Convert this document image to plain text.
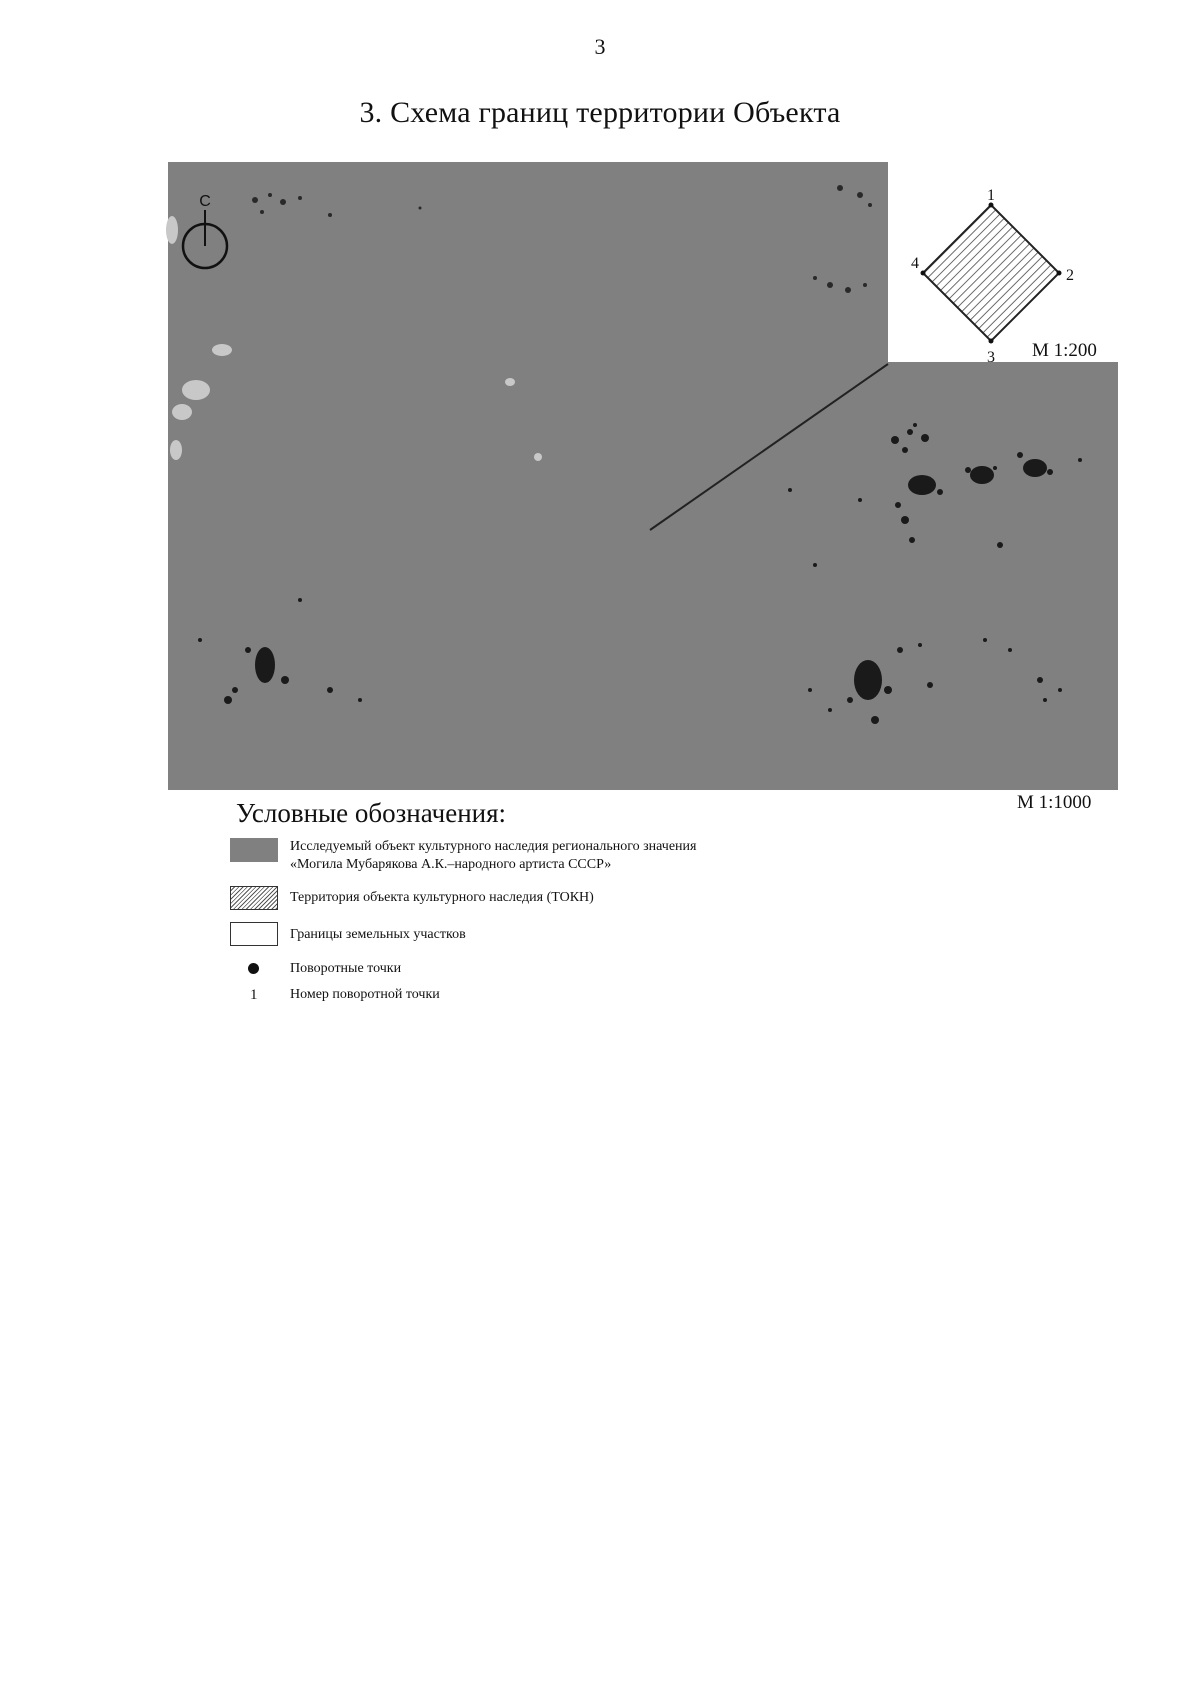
3
3. Схема границ территории Объекта
С	1
2
3
4
М 1:200
М 1:1000
Условные обозначения:
Исследуемый объект культурного наследия регионального значения
«Могила Мубарякова А.К.–народного артиста СССР»
Территория объекта культурного наследия (ТОКН)
Границы земельных участков
Поворотные точки
1 Номер поворотной точки
